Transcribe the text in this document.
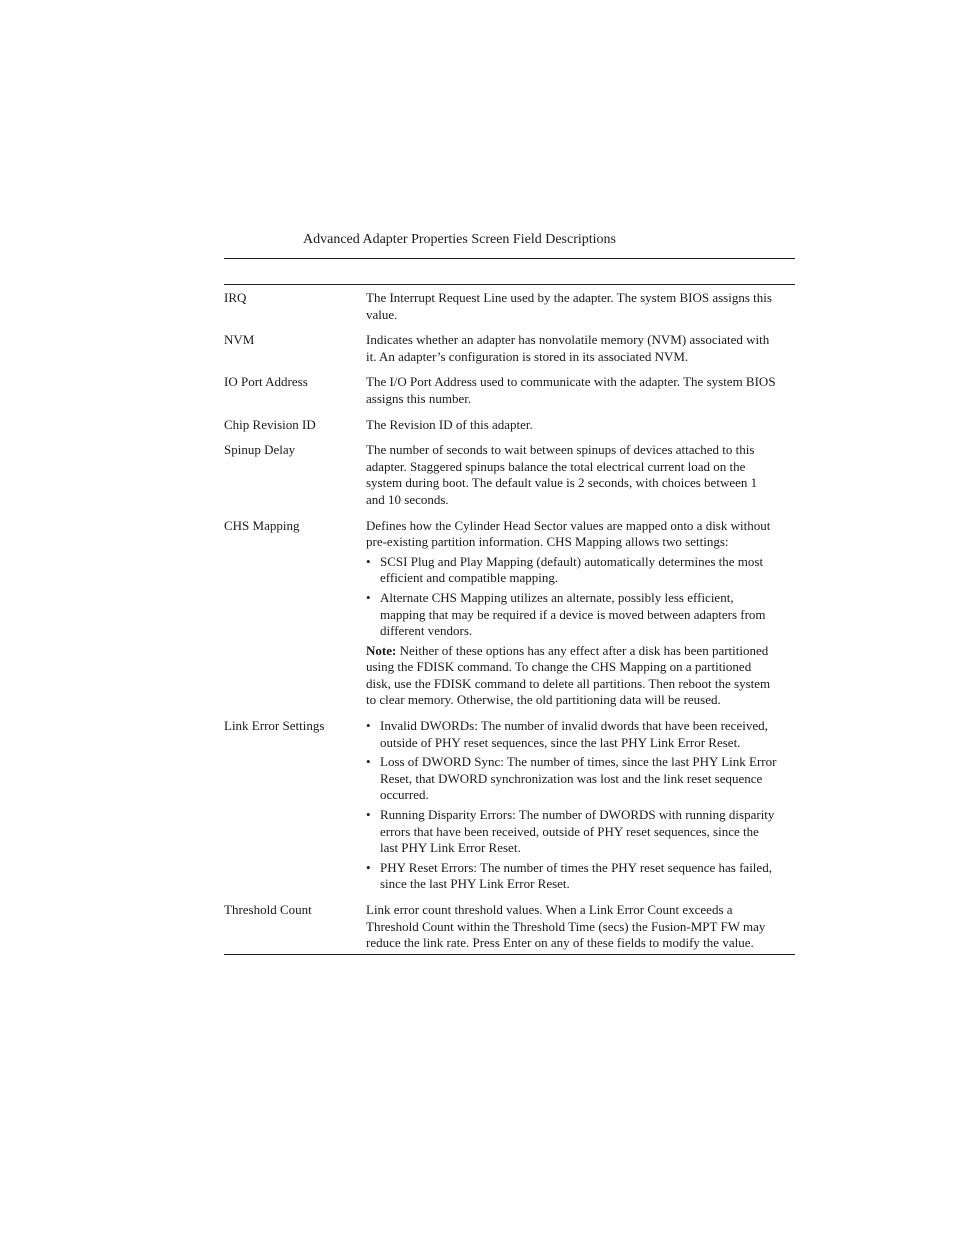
Advanced Adapter Properties Screen Field Descriptions
IRQ	The Interrupt Request Line used by the adapter. The system BIOS assigns this value.

NVM	Indicates whether an adapter has nonvolatile memory (NVM) associated with it. An adapter’s configuration is stored in its associated NVM.

IO Port Address	The I/O Port Address used to communicate with the adapter. The system BIOS assigns this number.

Chip Revision ID	The Revision ID of this adapter.

Spinup Delay	The number of seconds to wait between spinups of devices attached to this adapter. Staggered spinups balance the total electrical current load on the system during boot. The default value is 2 seconds, with choices between 1 and 10 seconds.

CHS Mapping	Defines how the Cylinder Head Sector values are mapped onto a disk without pre-existing partition information. CHS Mapping allows two settings:

• SCSI Plug and Play Mapping (default) automatically determines the most efficient and compatible mapping.
• Alternate CHS Mapping utilizes an alternate, possibly less efficient, mapping that may be required if a device is moved between adapters from different vendors.

Note: Neither of these options has any effect after a disk has been partitioned using the FDISK command. To change the CHS Mapping on a partitioned disk, use the FDISK command to delete all partitions. Then reboot the system to clear memory. Otherwise, the old partitioning data will be reused.

Link Error Settings
•	Invalid DWORDs: The number of invalid dwords that have been received, outside of PHY reset sequences, since the last PHY Link Error Reset.
• Loss of DWORD Sync: The number of times, since the last PHY Link Error Reset, that DWORD synchronization was lost and the link reset sequence occurred.
• Running Disparity Errors: The number of DWORDS with running disparity errors that have been received, outside of PHY reset sequences, since the last PHY Link Error Reset.
• PHY Reset Errors: The number of times the PHY reset sequence has failed, since the last PHY Link Error Reset.
Threshold Count	Link error count threshold values. When a Link Error Count exceeds a Threshold Count within the Threshold Time (secs) the Fusion-MPT FW may reduce the link rate. Press Enter on any of these fields to modify the value.
